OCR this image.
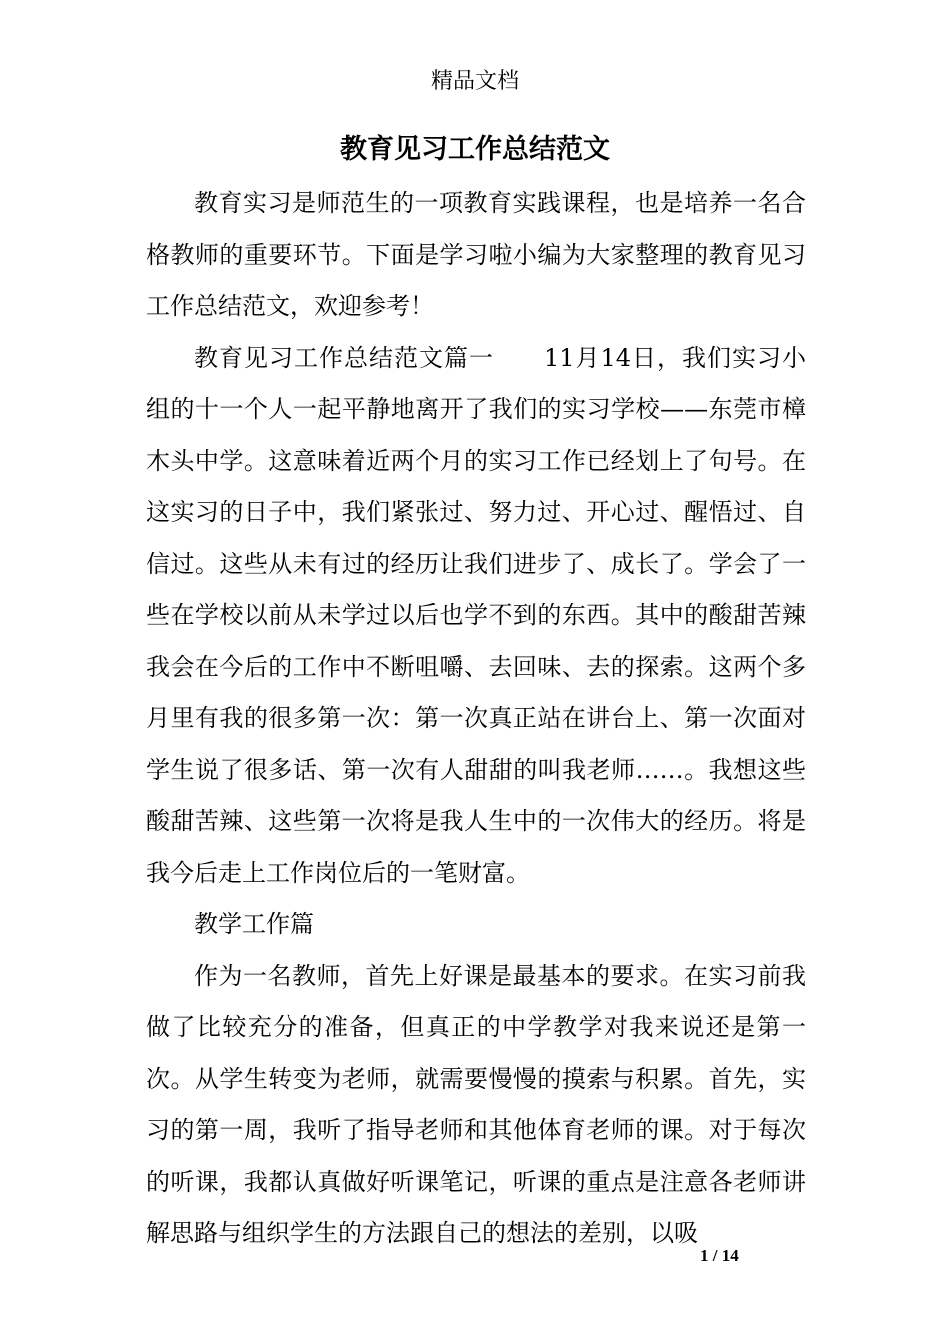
精品文档
教育见习工作总结范文

教育实习是师范生的一项教育实践课程，也是培养一名合格教师的重要环节。下面是学习啦小编为大家整理的教育见习工作总结范文，欢迎参考！

教育见习工作总结范文篇一　　11月14日，我们实习小组的十一个人一起平静地离开了我们的实习学校——东莞市樟木头中学。这意味着近两个月的实习工作已经划上了句号。在这实习的日子中，我们紧张过、努力过、开心过、醒悟过、自信过。这些从未有过的经历让我们进步了、成长了。学会了一些在学校以前从未学过以后也学不到的东西。其中的酸甜苦辣我会在今后的工作中不断咀嚼、去回味、去的探索。这两个多月里有我的很多第一次：第一次真正站在讲台上、第一次面对学生说了很多话、第一次有人甜甜的叫我老师……。我想这些酸甜苦辣、这些第一次将是我人生中的一次伟大的经历。将是我今后走上工作岗位后的一笔财富。

教学工作篇

作为一名教师，首先上好课是最基本的要求。在实习前我做了比较充分的准备，但真正的中学教学对我来说还是第一次。从学生转变为老师，就需要慢慢的摸索与积累。首先，实习的第一周，我听了指导老师和其他体育老师的课。对于每次的听课，我都认真做好听课笔记，听课的重点是注意各老师讲解思路与组织学生的方法跟自己的想法的差别，以吸

1 / 14
